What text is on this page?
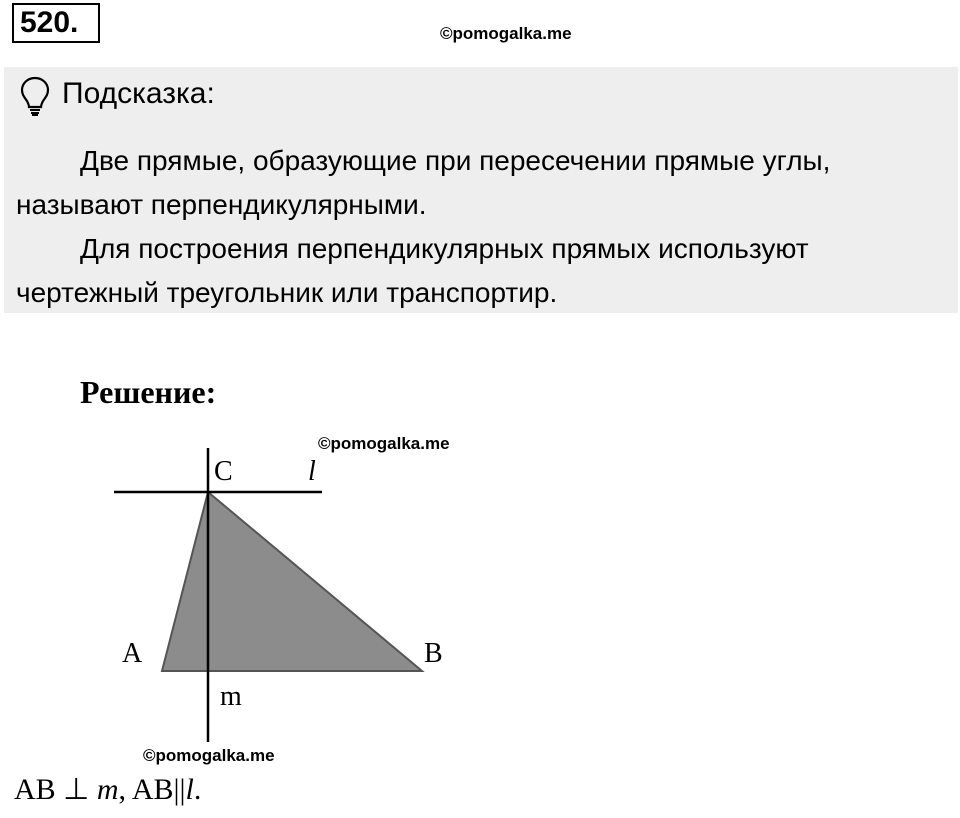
520.	©pomogalka.me
Подсказка:

Две прямые, образующие при пересечении прямые углы, называют перпендикулярными.

Для построения перпендикулярных прямых используют чертежный треугольник или транспортир.

Решение:
©pomogalka.me
C	l
A	B
m
©pomogalka.me
AB ⊥ m, AB||l.
